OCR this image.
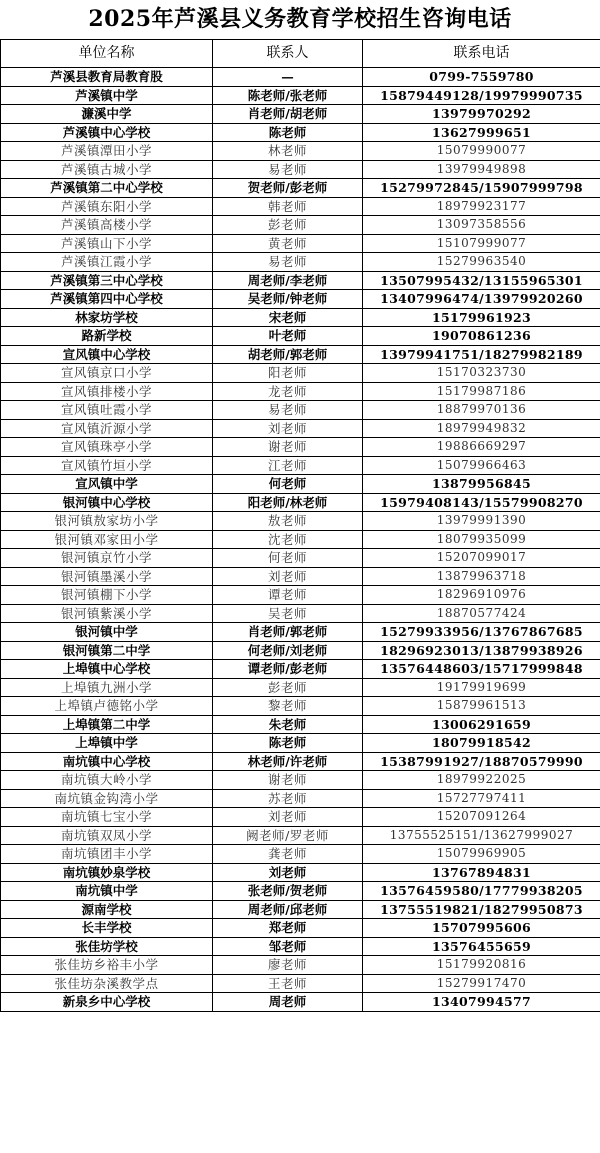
2025年芦溪县义务教育学校招生咨询电话
单位名称	联系人	联系电话
芦溪县教育局教育股	—	0799-7559780
芦溪镇中学	陈老师/张老师	15879449128/19979990735
濂溪中学	肖老师/胡老师	13979970292
芦溪镇中心学校	陈老师	13627999651
芦溪镇潭田小学	林老师	15079990077
芦溪镇古城小学	易老师	13979949898
芦溪镇第二中心学校	贺老师/彭老师	15279972845/15907999798
芦溪镇东阳小学	韩老师	18979923177
芦溪镇高楼小学	彭老师	13097358556
芦溪镇山下小学	黄老师	15107999077
芦溪镇江霞小学	易老师	15279963540
芦溪镇第三中心学校	周老师/李老师	13507995432/13155965301
芦溪镇第四中心学校	吴老师/钟老师	13407996474/13979920260
林家坊学校	宋老师	15179961923
路新学校	叶老师	19070861236
宣风镇中心学校	胡老师/郭老师	13979941751/18279982189
宣风镇京口小学	阳老师	15170323730
宣风镇排楼小学	龙老师	15179987186
宣风镇吐霞小学	易老师	18879970136
宣风镇沂源小学	刘老师	18979949832
宣风镇珠亭小学	谢老师	19886669297
宣风镇竹垣小学	江老师	15079966463
宣风镇中学	何老师	13879956845
银河镇中心学校	阳老师/林老师	15979408143/15579908270
银河镇敖家坊小学	敖老师	13979991390
银河镇邓家田小学	沈老师	18079935099
银河镇京竹小学	何老师	15207099017
银河镇墨溪小学	刘老师	13879963718
银河镇棚下小学	谭老师	18296910976
银河镇紫溪小学	吴老师	18870577424
银河镇中学	肖老师/郭老师	15279933956/13767867685
银河镇第二中学	何老师/刘老师	18296923013/13879938926
上埠镇中心学校	谭老师/彭老师	13576448603/15717999848
上埠镇九洲小学	彭老师	19179919699
上埠镇卢德铭小学	黎老师	15879961513
上埠镇第二中学	朱老师	13006291659
上埠镇中学	陈老师	18079918542
南坑镇中心学校	林老师/许老师	15387991927/18870579990
南坑镇大岭小学	谢老师	18979922025
南坑镇金钩湾小学	苏老师	15727797411
南坑镇七宝小学	刘老师	15207091264
南坑镇双凤小学	阙老师/罗老师	13755525151/13627999027
南坑镇团丰小学	龚老师	15079969905
南坑镇妙泉学校	刘老师	13767894831
南坑镇中学	张老师/贺老师	13576459580/17779938205
源南学校	周老师/邱老师	13755519821/18279950873
长丰学校	郑老师	15707995606
张佳坊学校	邹老师	13576455659
张佳坊乡裕丰小学	廖老师	15179920816
张佳坊杂溪教学点	王老师	15279917470
新泉乡中心学校	周老师	13407994577
